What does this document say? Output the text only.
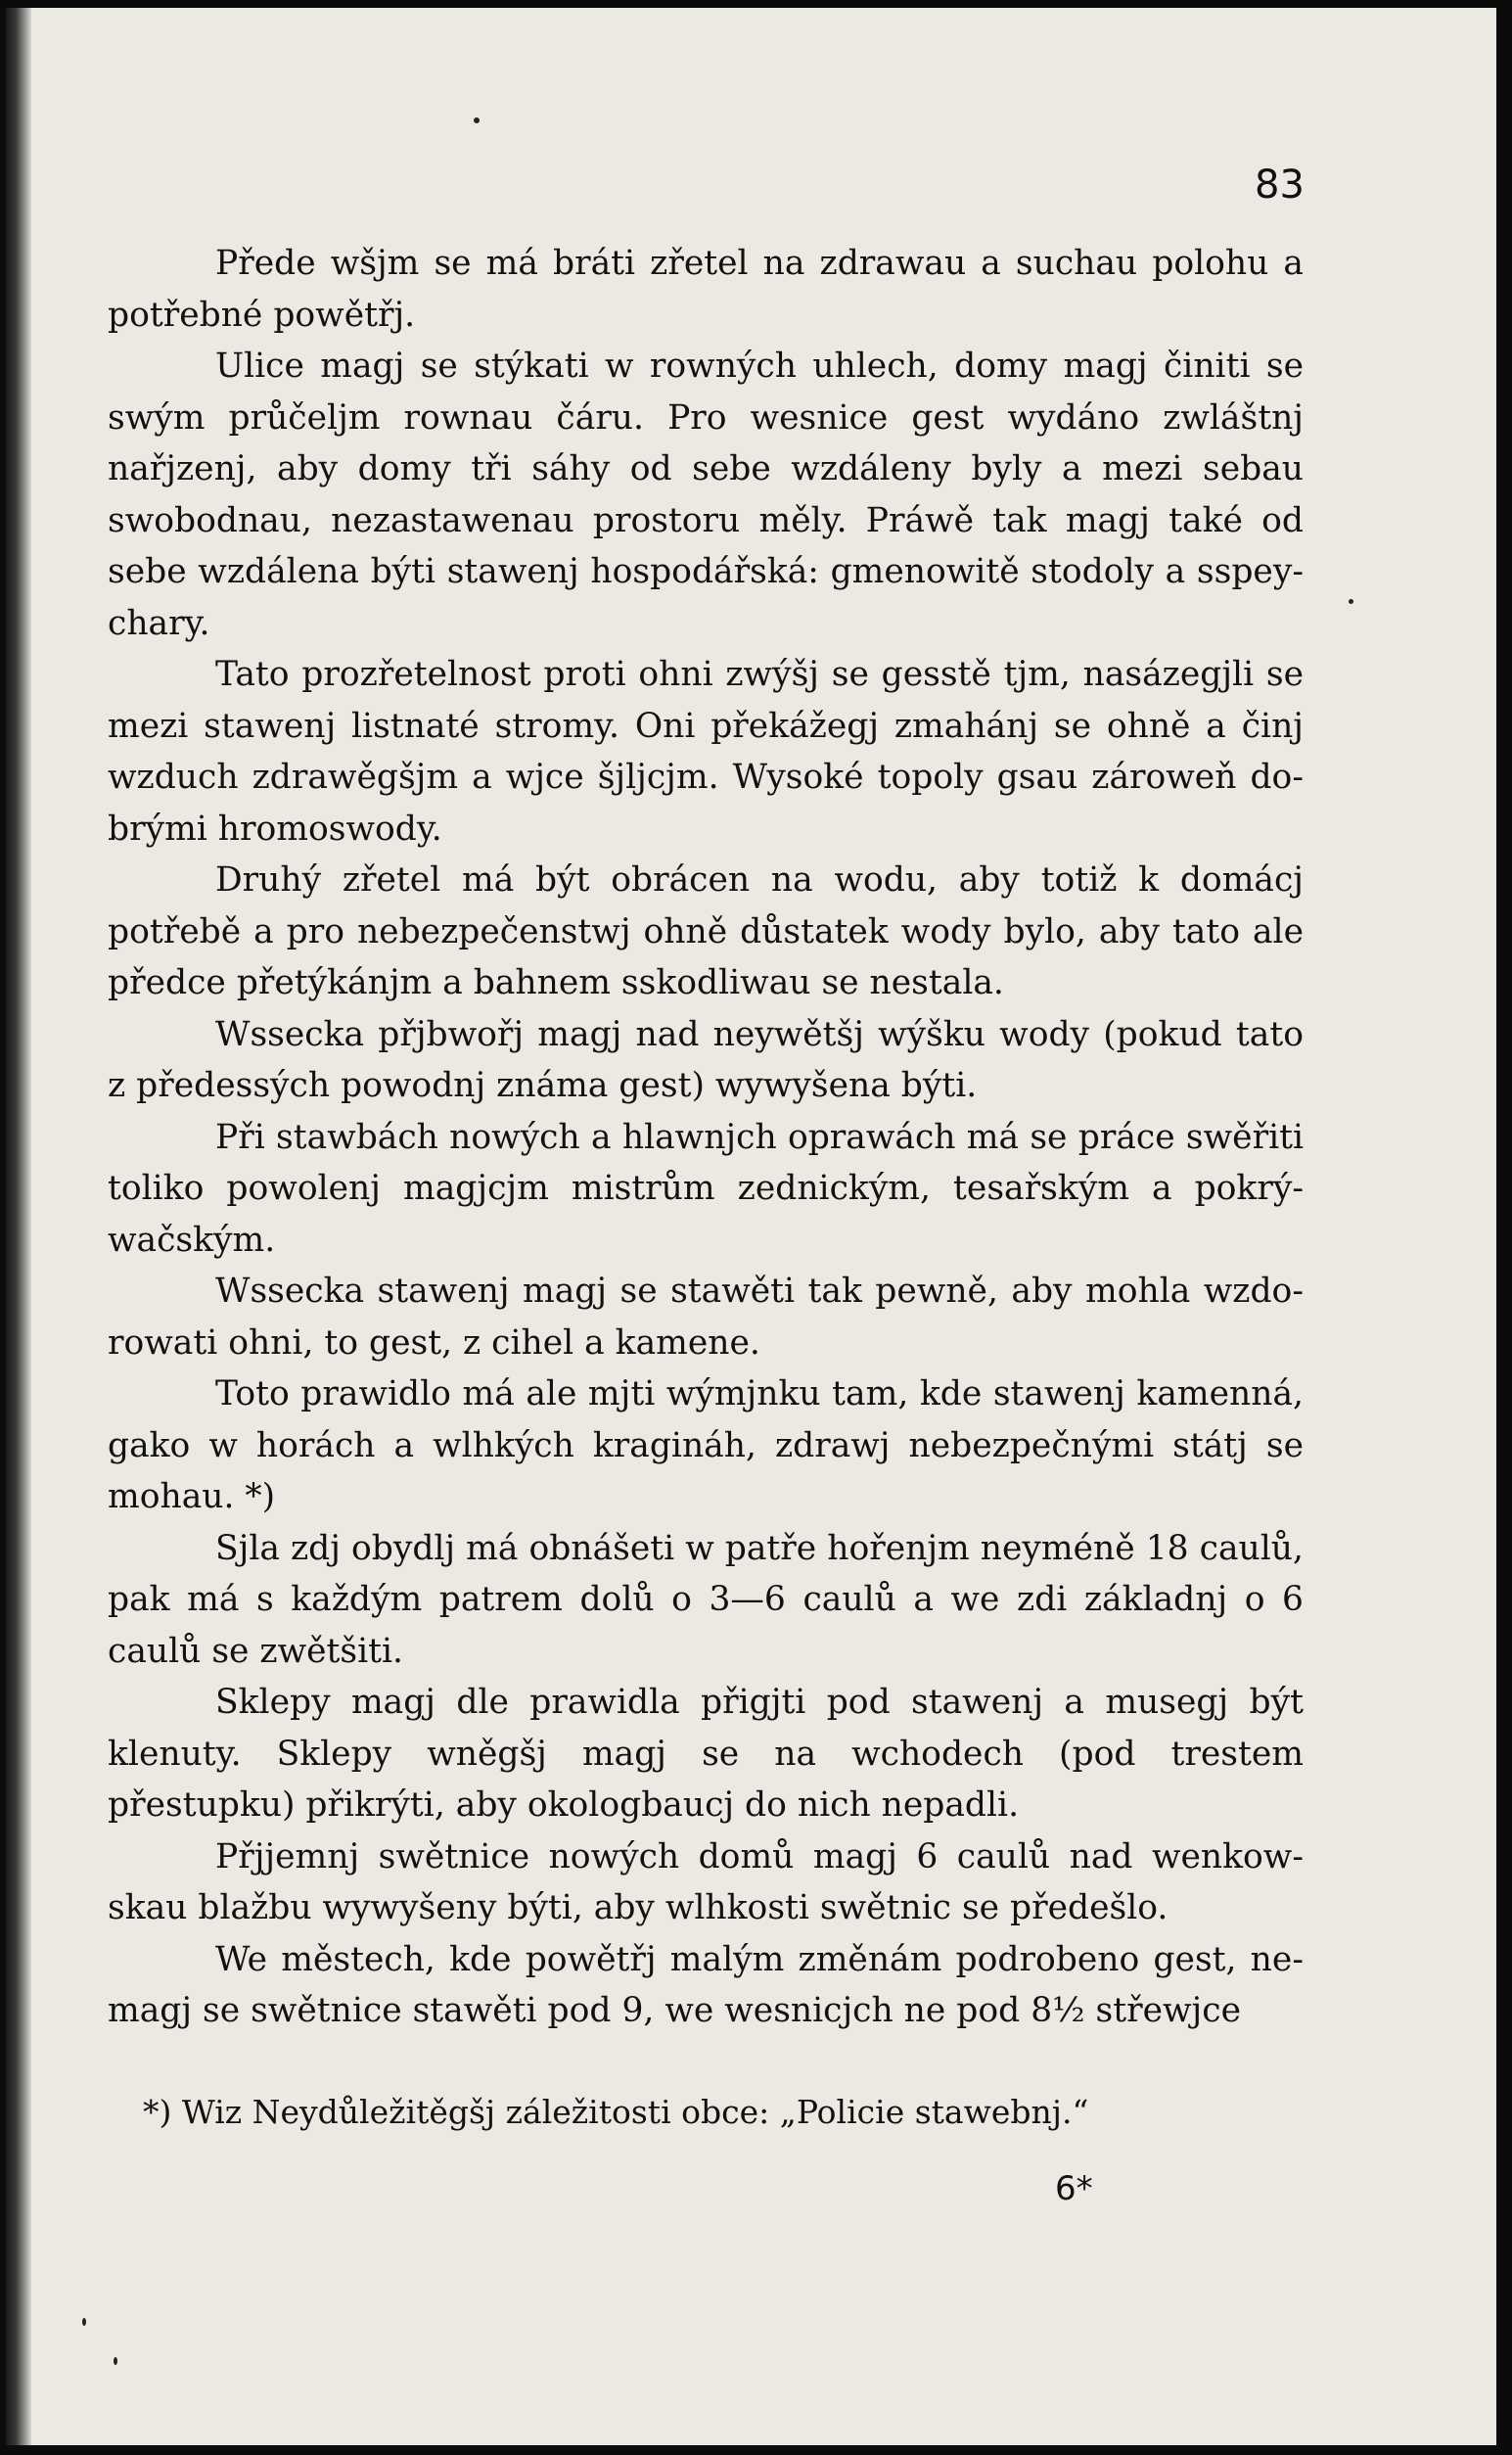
83

Přede wšjm se má bráti zřetel na zdrawau a suchau polohu a potřebné powětřj.

Ulice magj se stýkati w rowných uhlech, domy magj činiti se swým průčeljm rownau čáru. Pro wesnice gest wydáno zwláštnj nařjzenj, aby domy tři sáhy od sebe wzdáleny byly a mezi sebau swobodnau, nezastawenau prostoru měly. Práwě tak magj také od sebe wzdálena býti stawenj hospodářská: gmenowitě stodoly a sspeychary.

Tato prozřetelnost proti ohni zwýšj se gesstě tjm, nasázegjli se mezi stawenj listnaté stromy. Oni překážegj zmahánj se ohně a činj wzduch zdrawěgšjm a wjce šjljcjm. Wysoké topoly gsau zároweň dobrými hromoswody.

Druhý zřetel má být obrácen na wodu, aby totiž k domácj potřebě a pro nebezpečenstwj ohně důstatek wody bylo, aby tato ale předce přetýkánjm a bahnem sskodliwau se nestala.

Wssecka přjbwořj magj nad neywětšj wýšku wody (pokud tato z předessých powodnj známa gest) wywyšena býti.

Při stawbách nowých a hlawnjch oprawách má se práce swěřiti toliko powolenj magjcjm mistrům zednickým, tesařským a pokrýwačským.

Wssecka stawenj magj se stawěti tak pewně, aby mohla wzdorowati ohni, to gest, z cihel a kamene.

Toto prawidlo má ale mjti wýmjnku tam, kde stawenj kamenná, gako w horách a wlhkých kragináh, zdrawj nebezpečnými státj se mohau. *)

Sjla zdj obydlj má obnášeti w patře hořenjm neyméně 18 caulů, pak má s každým patrem dolů o 3—6 caulů a we zdi základnj o 6 caulů se zwětšiti.

Sklepy magj dle prawidla přigjti pod stawenj a musegj být klenuty. Sklepy wněgšj magj se na wchodech (pod trestem přestupku) přikrýti, aby okologbaucj do nich nepadli.

Přjjemnj swětnice nowých domů magj 6 caulů nad wenkowskau blažbu wywyšeny býti, aby wlhkosti swětnic se předešlo.

We městech, kde powětřj malým změnám podrobeno gest, nemagj se swětnice stawěti pod 9, we wesnicjch ne pod 8½ střewjce

*) Wiz Neydůležitěgšj záležitosti obce: „Policie stawebnj.“
6*
